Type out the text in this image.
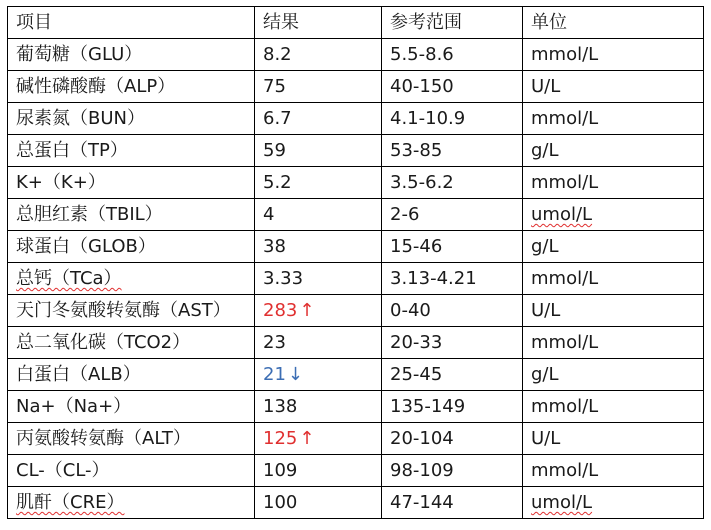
项目	结果	参考范围	单位
葡萄糖（GLU）	8.2	5.5-8.6	mmol/L
碱性磷酸酶（ALP）	75	40-150	U/L
尿素氮（BUN）	6.7	4.1-10.9	mmol/L
总蛋白（TP）	59	53-85	g/L
K+（K+）	5.2	3.5-6.2	mmol/L
总胆红素（TBIL）	4	2-6	umol/L
球蛋白（GLOB）	38	15-46	g/L
总钙（TCa）	3.33	3.13-4.21	mmol/L
天门冬氨酸转氨酶（AST）	283 ↑	0-40	U/L
总二氧化碳（TCO2）	23	20-33	mmol/L
白蛋白（ALB）	21 ↓	25-45	g/L
Na+（Na+）	138	135-149	mmol/L
丙氨酸转氨酶（ALT）	125 ↑	20-104	U/L
CL-（CL-）	109	98-109	mmol/L
肌酐（CRE）	100	47-144	umol/L
